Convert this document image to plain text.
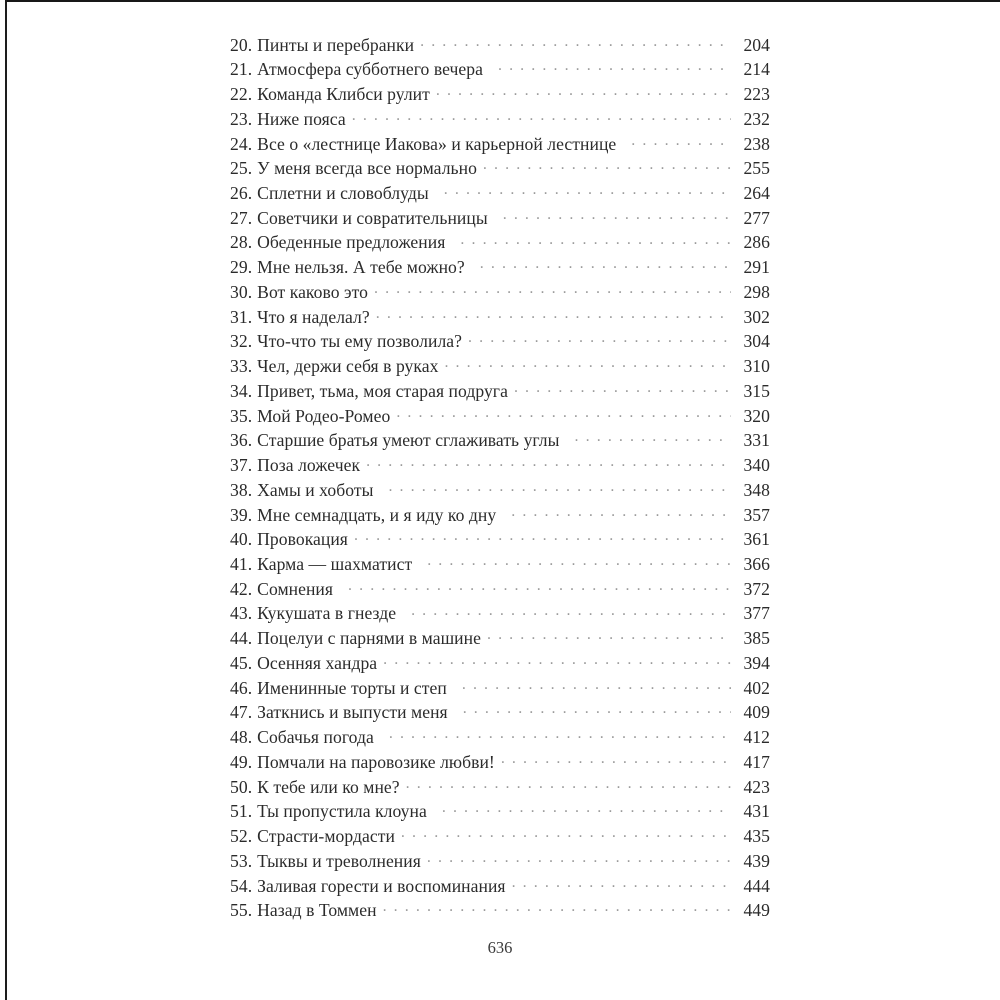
20. Пинты и перебранки . . .	204
21. Атмосфера субботнего вечера . . .	214
22. Команда Клибси рулит . . .	223
23. Ниже пояса . . .	232
24. Все о «лестнице Иакова» и карьерной лестнице . . .	238
25. У меня всегда все нормально . . .	255
26. Сплетни и словоблуды . . .	264
27. Советчики и совратительницы . . .	277
28. Обеденные предложения . . .	286
29. Мне нельзя. А тебе можно? . . .	291
30. Вот каково это . . .	298
31. Что я наделал? . . .	302
32. Что-что ты ему позволила? . . .	304
33. Чел, держи себя в руках . . .	310
34. Привет, тьма, моя старая подруга . . .	315
35. Мой Родео-Ромео . . .	320
36. Старшие братья умеют сглаживать углы . . .	331
37. Поза ложечек . . .	340
38. Хамы и хоботы . . .	348
39. Мне семнадцать, и я иду ко дну . . .	357
40. Провокация . . .	361
41. Карма — шахматист . . .	366
42. Сомнения . . .	372
43. Кукушата в гнезде . . .	377
44. Поцелуи с парнями в машине . . .	385
45. Осенняя хандра . . .	394
46. Именинные торты и степ . . .	402
47. Заткнись и выпусти меня . . .	409
48. Собачья погода . . .	412
49. Помчали на паровозике любви! . . .	417
50. К тебе или ко мне? . . .	423
51. Ты пропустила клоуна . . .	431
52. Страсти-мордасти . . .	435
53. Тыквы и треволнения . . .	439
54. Заливая горести и воспоминания . . .	444
55. Назад в Томмен . . .	449
636
